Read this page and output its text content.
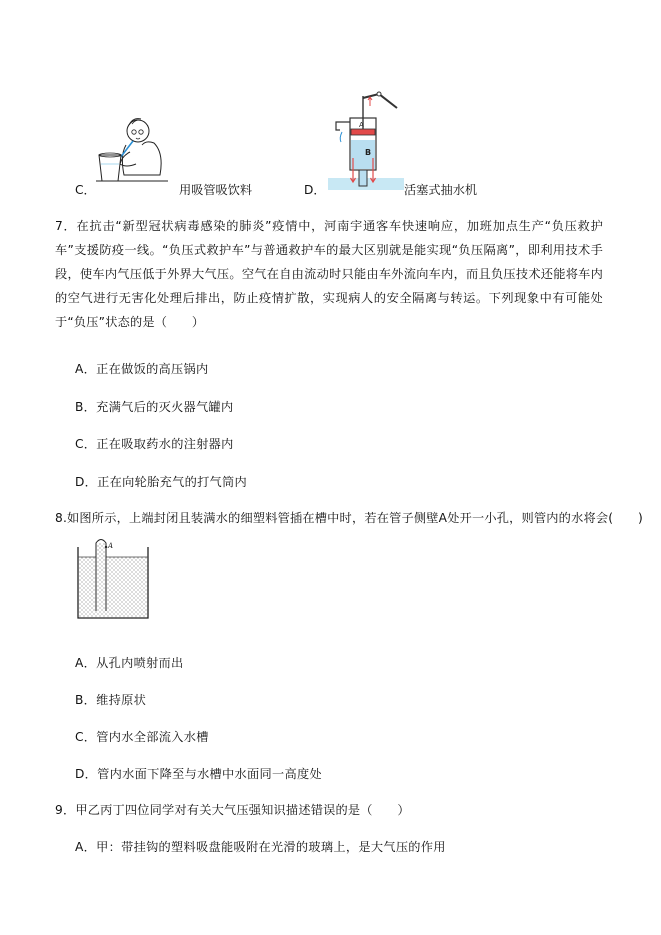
C．	用吸管吸饮料	D．
A
B
活塞式抽水机
7．在抗击“新型冠状病毒感染的肺炎”疫情中，河南宇通客车快速响应，加班加点生产“负压救护车”支援防疫一线。“负压式救护车”与普通救护车的最大区别就是能实现“负压隔离”，即利用技术手段，使车内气压低于外界大气压。空气在自由流动时只能由车外流向车内，而且负压技术还能将车内的空气进行无害化处理后排出，防止疫情扩散，实现病人的安全隔离与转运。下列现象中有可能处于“负压”状态的是（　　）
A．正在做饭的高压锅内
B．充满气后的灭火器气罐内
C．正在吸取药水的注射器内
D．正在向轮胎充气的打气筒内
8.如图所示，上端封闭且装满水的细塑料管插在槽中时，若在管子侧壁A处开一小孔，则管内的水将会(　　)
A
A．从孔内喷射而出
B．维持原状
C．管内水全部流入水槽
D．管内水面下降至与水槽中水面同一高度处
9．甲乙丙丁四位同学对有关大气压强知识描述错误的是（　　）
A．甲：带挂钩的塑料吸盘能吸附在光滑的玻璃上，是大气压的作用
